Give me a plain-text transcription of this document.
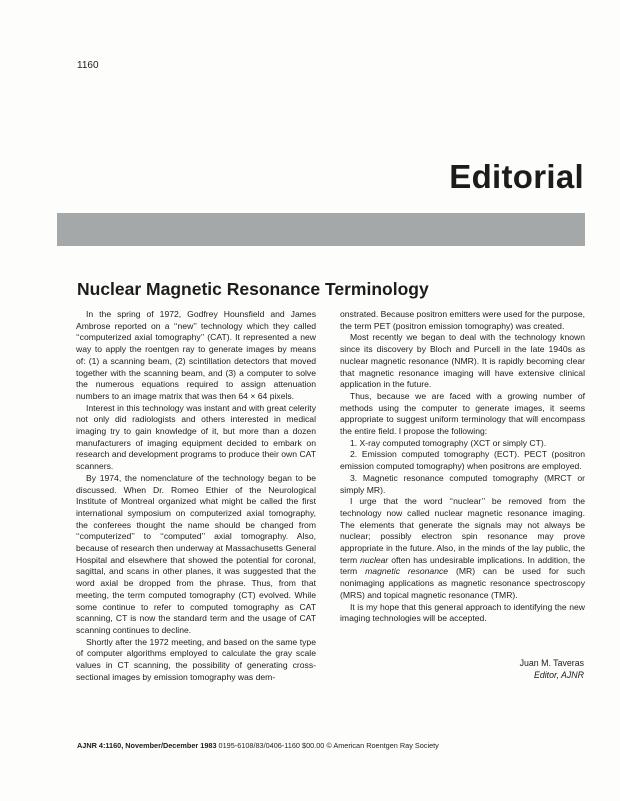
1160
Editorial
Nuclear Magnetic Resonance Terminology

In the spring of 1972, Godfrey Hounsfield and James Ambrose reported on a ‘‘new’’ technology which they called ‘‘computerized axial tomography’’ (CAT). It represented a new way to apply the roentgen ray to generate images by means of: (1) a scanning beam, (2) scintillation detectors that moved together with the scanning beam, and (3) a computer to solve the numerous equations required to assign attenuation numbers to an image matrix that was then 64 × 64 pixels.

Interest in this technology was instant and with great celerity not only did radiologists and others interested in medical imaging try to gain knowledge of it, but more than a dozen manufacturers of imaging equipment decided to embark on research and development programs to produce their own CAT scanners.

By 1974, the nomenclature of the technology began to be discussed. When Dr. Romeo Ethier of the Neurological Institute of Montreal organized what might be called the first international symposium on computerized axial tomography, the conferees thought the name should be changed from ‘‘computerized’’ to ‘‘computed’’ axial tomography. Also, because of research then underway at Massachusetts General Hospital and elsewhere that showed the potential for coronal, sagittal, and scans in other planes, it was suggested that the word axial be dropped from the phrase. Thus, from that meeting, the term computed tomography (CT) evolved. While some continue to refer to computed tomography as CAT scanning, CT is now the standard term and the usage of CAT scanning continues to decline.

Shortly after the 1972 meeting, and based on the same type of computer algorithms employed to calculate the gray scale values in CT scanning, the possibility of generating cross-sectional images by emission tomography was dem-

onstrated. Because positron emitters were used for the purpose, the term PET (positron emission tomography) was created.

Most recently we began to deal with the technology known since its discovery by Bloch and Purcell in the late 1940s as nuclear magnetic resonance (NMR). It is rapidly becoming clear that magnetic resonance imaging will have extensive clinical application in the future.

Thus, because we are faced with a growing number of methods using the computer to generate images, it seems appropriate to suggest uniform terminology that will encompass the entire field. I propose the following:

1. X-ray computed tomography (XCT or simply CT).
2. Emission computed tomography (ECT). PECT (positron emission computed tomography) when positrons are employed.
3. Magnetic resonance computed tomography (MRCT or simply MR).

I urge that the word ‘‘nuclear’’ be removed from the technology now called nuclear magnetic resonance imaging. The elements that generate the signals may not always be nuclear; possibly electron spin resonance may prove appropriate in the future. Also, in the minds of the lay public, the term nuclear often has undesirable implications. In addition, the term magnetic resonance (MR) can be used for such nonimaging applications as magnetic resonance spectroscopy (MRS) and topical magnetic resonance (TMR).

It is my hope that this general approach to identifying the new imaging technologies will be accepted.

Juan M. Taveras
Editor, AJNR
AJNR 4:1160, November/December 1983 0195-6108/83/0406-1160 $00.00 © American Roentgen Ray Society
